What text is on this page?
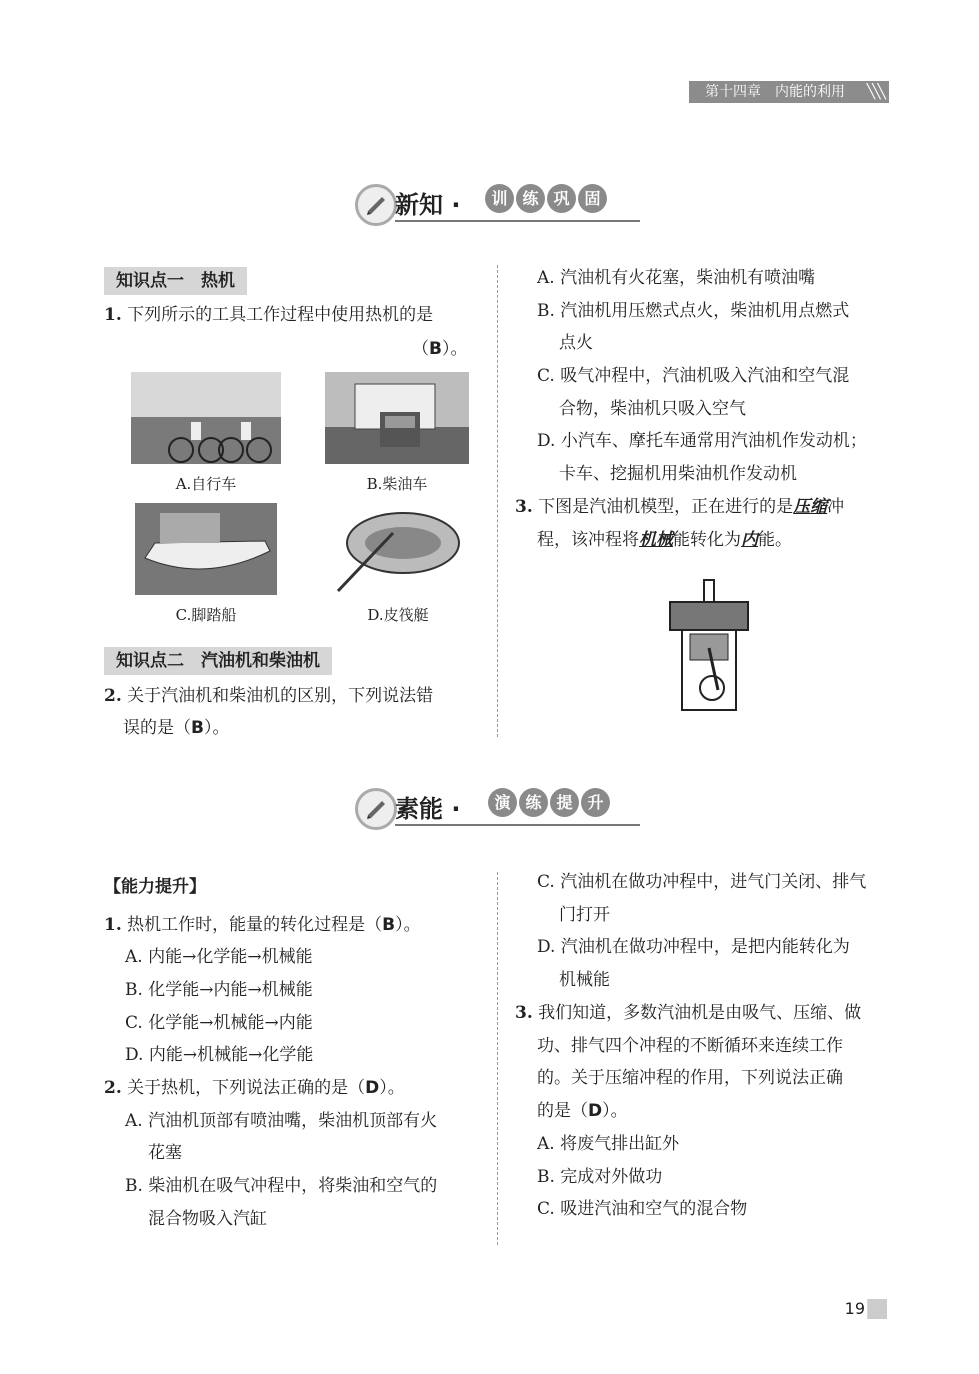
第十四章　内能的利用 ╲╲╲
新知 ·	训 练 巩 固
知识点一　热机
1. 下列所示的工具工作过程中使用热机的是
（B）。
A.自行车	B.柴油车
C.脚踏船	D.皮筏艇
知识点二　汽油机和柴油机
2. 关于汽油机和柴油机的区别，下列说法错
误的是（B）。
A. 汽油机有火花塞，柴油机有喷油嘴
B. 汽油机用压燃式点火，柴油机用点燃式
点火
C. 吸气冲程中，汽油机吸入汽油和空气混
合物，柴油机只吸入空气
D. 小汽车、摩托车通常用汽油机作发动机；
卡车、挖掘机用柴油机作发动机
3. 下图是汽油机模型，正在进行的是压缩冲
程，该冲程将机械能转化为内能。
素能 ·	演 练 提 升
【能力提升】
1. 热机工作时，能量的转化过程是（B）。
A. 内能→化学能→机械能
B. 化学能→内能→机械能
C. 化学能→机械能→内能
D. 内能→机械能→化学能
2. 关于热机，下列说法正确的是（D）。
A. 汽油机顶部有喷油嘴，柴油机顶部有火
花塞
B. 柴油机在吸气冲程中，将柴油和空气的
混合物吸入汽缸
C. 汽油机在做功冲程中，进气门关闭、排气
门打开
D. 汽油机在做功冲程中，是把内能转化为
机械能
3. 我们知道，多数汽油机是由吸气、压缩、做
功、排气四个冲程的不断循环来连续工作
的。关于压缩冲程的作用，下列说法正确
的是（D）。
A. 将废气排出缸外
B. 完成对外做功
C. 吸进汽油和空气的混合物
19
